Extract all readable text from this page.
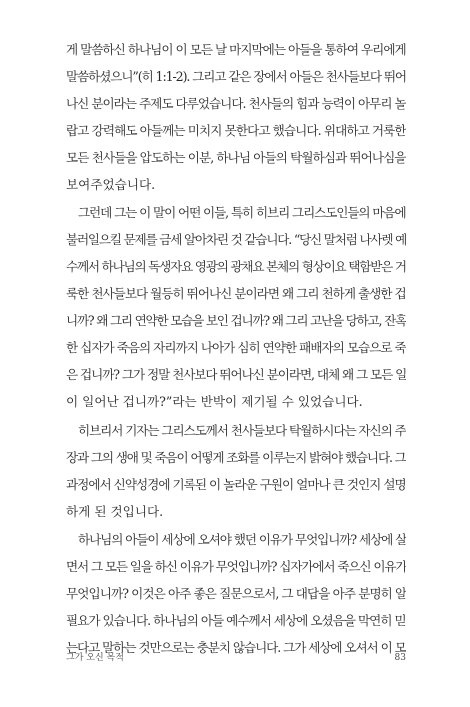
게 말씀하신 하나님이 이 모든 날 마지막에는 아들을 통하여 우리에게
말씀하셨으니”(히 1:1-2). 그리고 같은 장에서 아들은 천사들보다 뛰어
나신 분이라는 주제도 다루었습니다. 천사들의 힘과 능력이 아무리 놀
랍고 강력해도 아들께는 미치지 못한다고 했습니다. 위대하고 거룩한
모든 천사들을 압도하는 이분, 하나님 아들의 탁월하심과 뛰어나심을
보여주었습니다.
그런데 그는 이 말이 어떤 이들, 특히 히브리 그리스도인들의 마음에
불러일으킬 문제를 금세 알아차린 것 같습니다. “당신 말처럼 나사렛 예
수께서 하나님의 독생자요 영광의 광채요 본체의 형상이요 택함받은 거
룩한 천사들보다 월등히 뛰어나신 분이라면 왜 그리 천하게 출생한 겁
니까? 왜 그리 연약한 모습을 보인 겁니까? 왜 그리 고난을 당하고, 잔혹
한 십자가 죽음의 자리까지 나아가 심히 연약한 패배자의 모습으로 죽
은 겁니까? 그가 정말 천사보다 뛰어나신 분이라면, 대체 왜 그 모든 일
이 일어난 겁니까?”라는 반박이 제기될 수 있었습니다.
히브리서 기자는 그리스도께서 천사들보다 탁월하시다는 자신의 주
장과 그의 생애 및 죽음이 어떻게 조화를 이루는지 밝혀야 했습니다. 그
과정에서 신약성경에 기록된 이 놀라운 구원이 얼마나 큰 것인지 설명
하게 된 것입니다.
하나님의 아들이 세상에 오셔야 했던 이유가 무엇입니까? 세상에 살
면서 그 모든 일을 하신 이유가 무엇입니까? 십자가에서 죽으신 이유가
무엇입니까? 이것은 아주 좋은 질문으로서, 그 대답을 아주 분명히 알
필요가 있습니다. 하나님의 아들 예수께서 세상에 오셨음을 막연히 믿
는다고 말하는 것만으로는 충분치 않습니다. 그가 세상에 오셔서 이 모
그가 오신 목적	83
